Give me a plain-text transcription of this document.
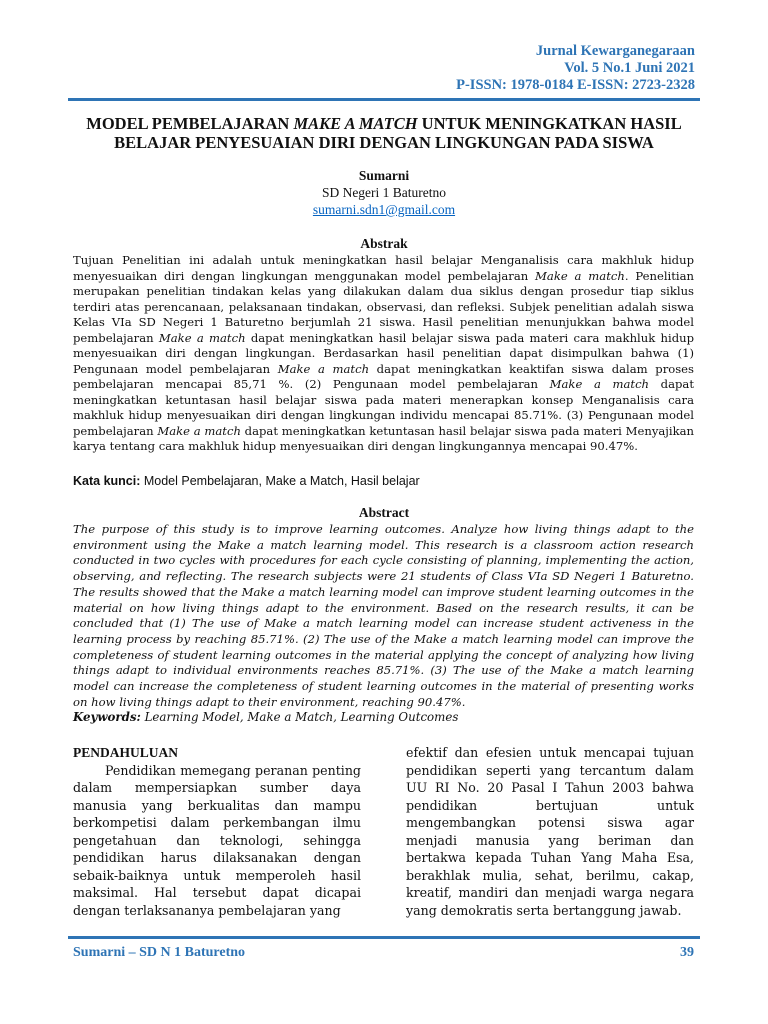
Jurnal Kewarganegaraan
Vol. 5 No.1 Juni 2021
P-ISSN: 1978-0184 E-ISSN: 2723-2328
MODEL PEMBELAJARAN MAKE A MATCH UNTUK MENINGKATKAN HASIL BELAJAR PENYESUAIAN DIRI DENGAN LINGKUNGAN PADA SISWA
Sumarni
SD Negeri 1 Baturetno
sumarni.sdn1@gmail.com
Abstrak
Tujuan Penelitian ini adalah untuk meningkatkan hasil belajar Menganalisis cara makhluk hidup menyesuaikan diri dengan lingkungan menggunakan model pembelajaran Make a match. Penelitian merupakan penelitian tindakan kelas yang dilakukan dalam dua siklus dengan prosedur tiap siklus terdiri atas perencanaan, pelaksanaan tindakan, observasi, dan refleksi. Subjek penelitian adalah siswa Kelas VIa SD Negeri 1 Baturetno berjumlah 21 siswa. Hasil penelitian menunjukkan bahwa model pembelajaran Make a match dapat meningkatkan hasil belajar siswa pada materi cara makhluk hidup menyesuaikan diri dengan lingkungan. Berdasarkan hasil penelitian dapat disimpulkan bahwa (1) Pengunaan model pembelajaran Make a match dapat meningkatkan keaktifan siswa dalam proses pembelajaran mencapai 85,71 %. (2) Pengunaan model pembelajaran Make a match dapat meningkatkan ketuntasan hasil belajar siswa pada materi menerapkan konsep Menganalisis cara makhluk hidup menyesuaikan diri dengan lingkungan individu mencapai 85.71%. (3) Pengunaan model pembelajaran Make a match dapat meningkatkan ketuntasan hasil belajar siswa pada materi Menyajikan karya tentang cara makhluk hidup menyesuaikan diri dengan lingkungannya mencapai 90.47%.
Kata kunci: Model Pembelajaran, Make a Match, Hasil belajar
Abstract
The purpose of this study is to improve learning outcomes. Analyze how living things adapt to the environment using the Make a match learning model. This research is a classroom action research conducted in two cycles with procedures for each cycle consisting of planning, implementing the action, observing, and reflecting. The research subjects were 21 students of Class VIa SD Negeri 1 Baturetno. The results showed that the Make a match learning model can improve student learning outcomes in the material on how living things adapt to the environment. Based on the research results, it can be concluded that (1) The use of Make a match learning model can increase student activeness in the learning process by reaching 85.71%. (2) The use of the Make a match learning model can improve the completeness of student learning outcomes in the material applying the concept of analyzing how living things adapt to individual environments reaches 85.71%. (3) The use of the Make a match learning model can increase the completeness of student learning outcomes in the material of presenting works on how living things adapt to their environment, reaching 90.47%.
Keywords: Learning Model, Make a Match, Learning Outcomes
PENDAHULUAN
Pendidikan memegang peranan penting dalam mempersiapkan sumber daya manusia yang berkualitas dan mampu berkompetisi dalam perkembangan ilmu pengetahuan dan teknologi, sehingga pendidikan harus dilaksanakan dengan sebaik-baiknya untuk memperoleh hasil maksimal. Hal tersebut dapat dicapai dengan terlaksananya pembelajaran yang
efektif dan efesien untuk mencapai tujuan pendidikan seperti yang tercantum dalam UU RI No. 20 Pasal I Tahun 2003 bahwa pendidikan bertujuan untuk mengembangkan potensi siswa agar menjadi manusia yang beriman dan bertakwa kepada Tuhan Yang Maha Esa, berakhlak mulia, sehat, berilmu, cakap, kreatif, mandiri dan menjadi warga negara yang demokratis serta bertanggung jawab.
Sumarni – SD N 1 Baturetno	39
